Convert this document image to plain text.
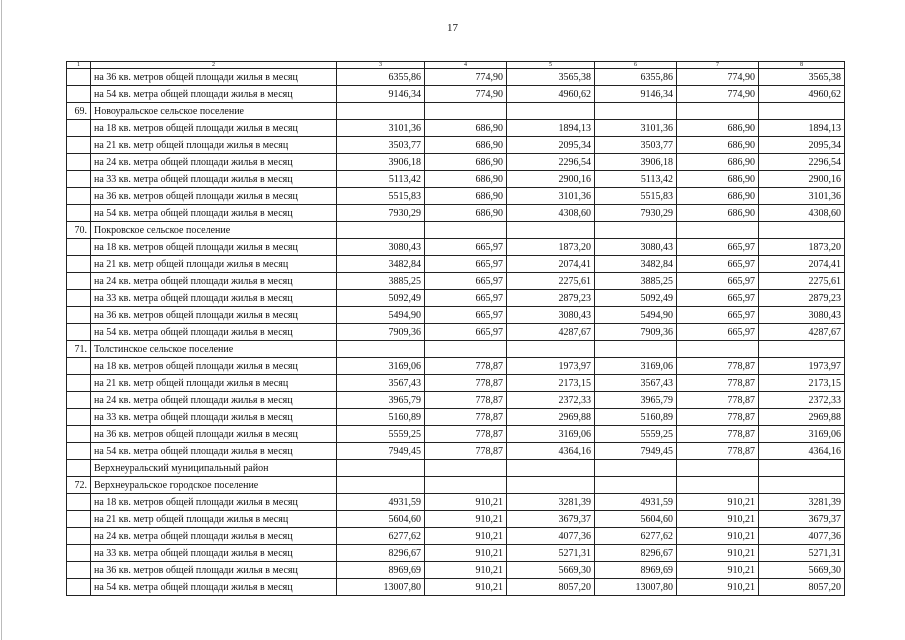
17
1	2	3	4	5	6	7	8
	на 36 кв. метров общей площади жилья в месяц	6355,86	774,90	3565,38	6355,86	774,90	3565,38
	на 54 кв. метра общей площади жилья в месяц	9146,34	774,90	4960,62	9146,34	774,90	4960,62
69.	Новоуральское сельское поселение						
	на 18 кв. метров общей площади жилья в месяц	3101,36	686,90	1894,13	3101,36	686,90	1894,13
	на 21 кв. метр общей площади жилья в месяц	3503,77	686,90	2095,34	3503,77	686,90	2095,34
	на 24 кв. метра общей площади жилья в месяц	3906,18	686,90	2296,54	3906,18	686,90	2296,54
	на 33 кв. метра общей площади жилья в месяц	5113,42	686,90	2900,16	5113,42	686,90	2900,16
	на 36 кв. метров общей площади жилья в месяц	5515,83	686,90	3101,36	5515,83	686,90	3101,36
	на 54 кв. метра общей площади жилья в месяц	7930,29	686,90	4308,60	7930,29	686,90	4308,60
70.	Покровское сельское поселение						
	на 18 кв. метров общей площади жилья в месяц	3080,43	665,97	1873,20	3080,43	665,97	1873,20
	на 21 кв. метр общей площади жилья в месяц	3482,84	665,97	2074,41	3482,84	665,97	2074,41
	на 24 кв. метра общей площади жилья в месяц	3885,25	665,97	2275,61	3885,25	665,97	2275,61
	на 33 кв. метра общей площади жилья в месяц	5092,49	665,97	2879,23	5092,49	665,97	2879,23
	на 36 кв. метров общей площади жилья в месяц	5494,90	665,97	3080,43	5494,90	665,97	3080,43
	на 54 кв. метра общей площади жилья в месяц	7909,36	665,97	4287,67	7909,36	665,97	4287,67
71.	Толстинское сельское поселение						
	на 18 кв. метров общей площади жилья в месяц	3169,06	778,87	1973,97	3169,06	778,87	1973,97
	на 21 кв. метр общей площади жилья в месяц	3567,43	778,87	2173,15	3567,43	778,87	2173,15
	на 24 кв. метра общей площади жилья в месяц	3965,79	778,87	2372,33	3965,79	778,87	2372,33
	на 33 кв. метра общей площади жилья в месяц	5160,89	778,87	2969,88	5160,89	778,87	2969,88
	на 36 кв. метров общей площади жилья в месяц	5559,25	778,87	3169,06	5559,25	778,87	3169,06
	на 54 кв. метра общей площади жилья в месяц	7949,45	778,87	4364,16	7949,45	778,87	4364,16
	Верхнеуральский муниципальный район						
72.	Верхнеуральское городское поселение						
	на 18 кв. метров общей площади жилья в месяц	4931,59	910,21	3281,39	4931,59	910,21	3281,39
	на 21 кв. метр общей площади жилья в месяц	5604,60	910,21	3679,37	5604,60	910,21	3679,37
	на 24 кв. метра общей площади жилья в месяц	6277,62	910,21	4077,36	6277,62	910,21	4077,36
	на 33 кв. метра общей площади жилья в месяц	8296,67	910,21	5271,31	8296,67	910,21	5271,31
	на 36 кв. метров общей площади жилья в месяц	8969,69	910,21	5669,30	8969,69	910,21	5669,30
	на 54 кв. метра общей площади жилья в месяц	13007,80	910,21	8057,20	13007,80	910,21	8057,20
